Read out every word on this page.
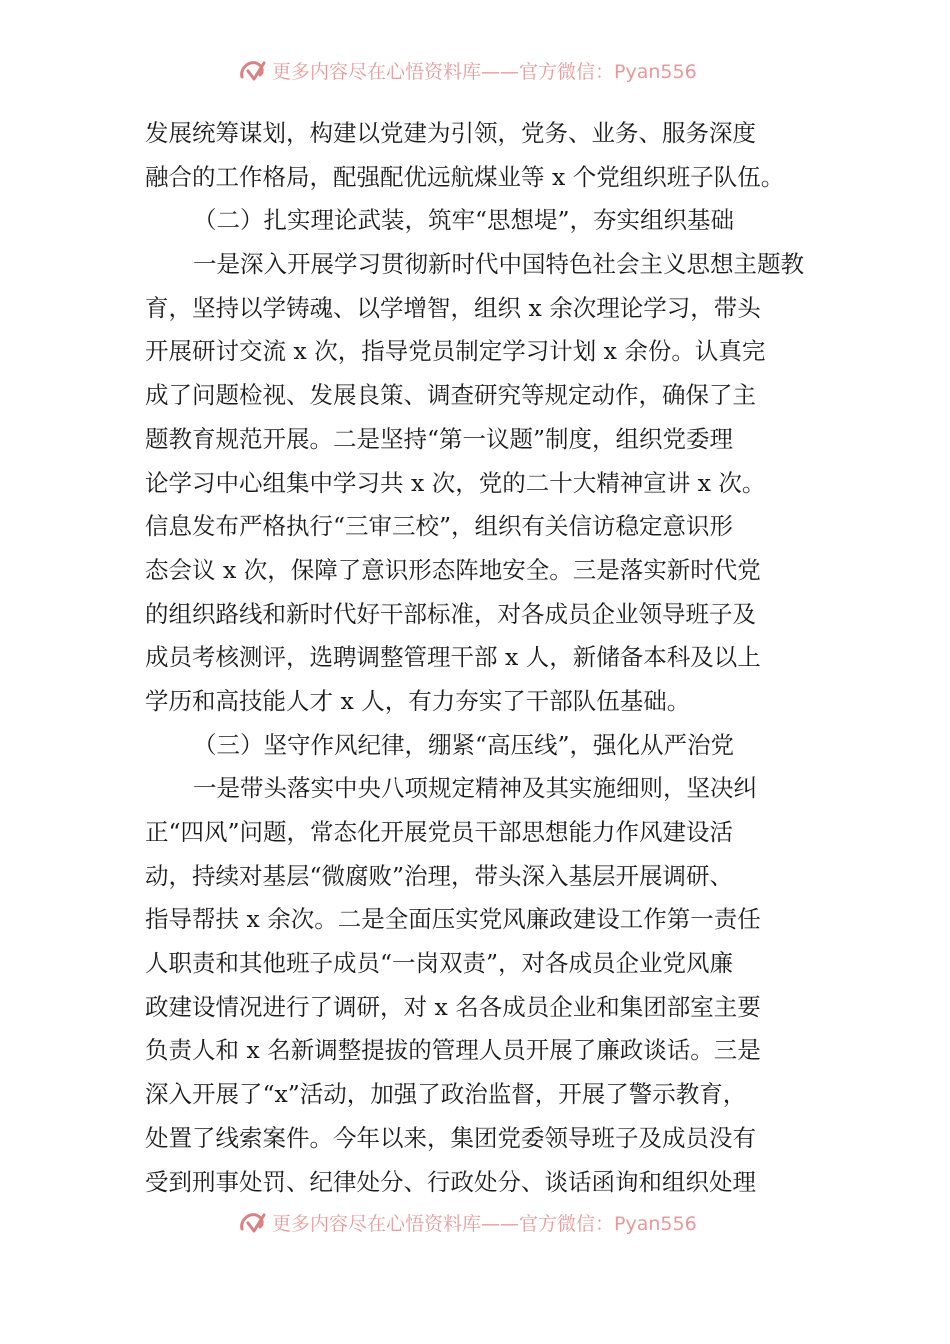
更多内容尽在心悟资料库——官方微信：Pyan556
发展统筹谋划，构建以党建为引领，党务、业务、服务深度
融合的工作格局，配强配优远航煤业等 x 个党组织班子队伍。
（二）扎实理论武装，筑牢“思想堤”，夯实组织基础
一是深入开展学习贯彻新时代中国特色社会主义思想主题教
育，坚持以学铸魂、以学增智，组织 x 余次理论学习，带头
开展研讨交流 x 次，指导党员制定学习计划 x 余份。认真完
成了问题检视、发展良策、调查研究等规定动作，确保了主
题教育规范开展。二是坚持“第一议题”制度，组织党委理
论学习中心组集中学习共 x 次，党的二十大精神宣讲 x 次。
信息发布严格执行“三审三校”，组织有关信访稳定意识形
态会议 x 次，保障了意识形态阵地安全。三是落实新时代党
的组织路线和新时代好干部标准，对各成员企业领导班子及
成员考核测评，选聘调整管理干部 x 人，新储备本科及以上
学历和高技能人才 x 人，有力夯实了干部队伍基础。
（三）坚守作风纪律，绷紧“高压线”，强化从严治党
一是带头落实中央八项规定精神及其实施细则，坚决纠
正“四风”问题，常态化开展党员干部思想能力作风建设活
动，持续对基层“微腐败”治理，带头深入基层开展调研、
指导帮扶 x 余次。二是全面压实党风廉政建设工作第一责任
人职责和其他班子成员“一岗双责”，对各成员企业党风廉
政建设情况进行了调研，对 x 名各成员企业和集团部室主要
负责人和 x 名新调整提拔的管理人员开展了廉政谈话。三是
深入开展了“x”活动，加强了政治监督，开展了警示教育，
处置了线索案件。今年以来，集团党委领导班子及成员没有
受到刑事处罚、纪律处分、行政处分、谈话函询和组织处理
更多内容尽在心悟资料库——官方微信：Pyan556
